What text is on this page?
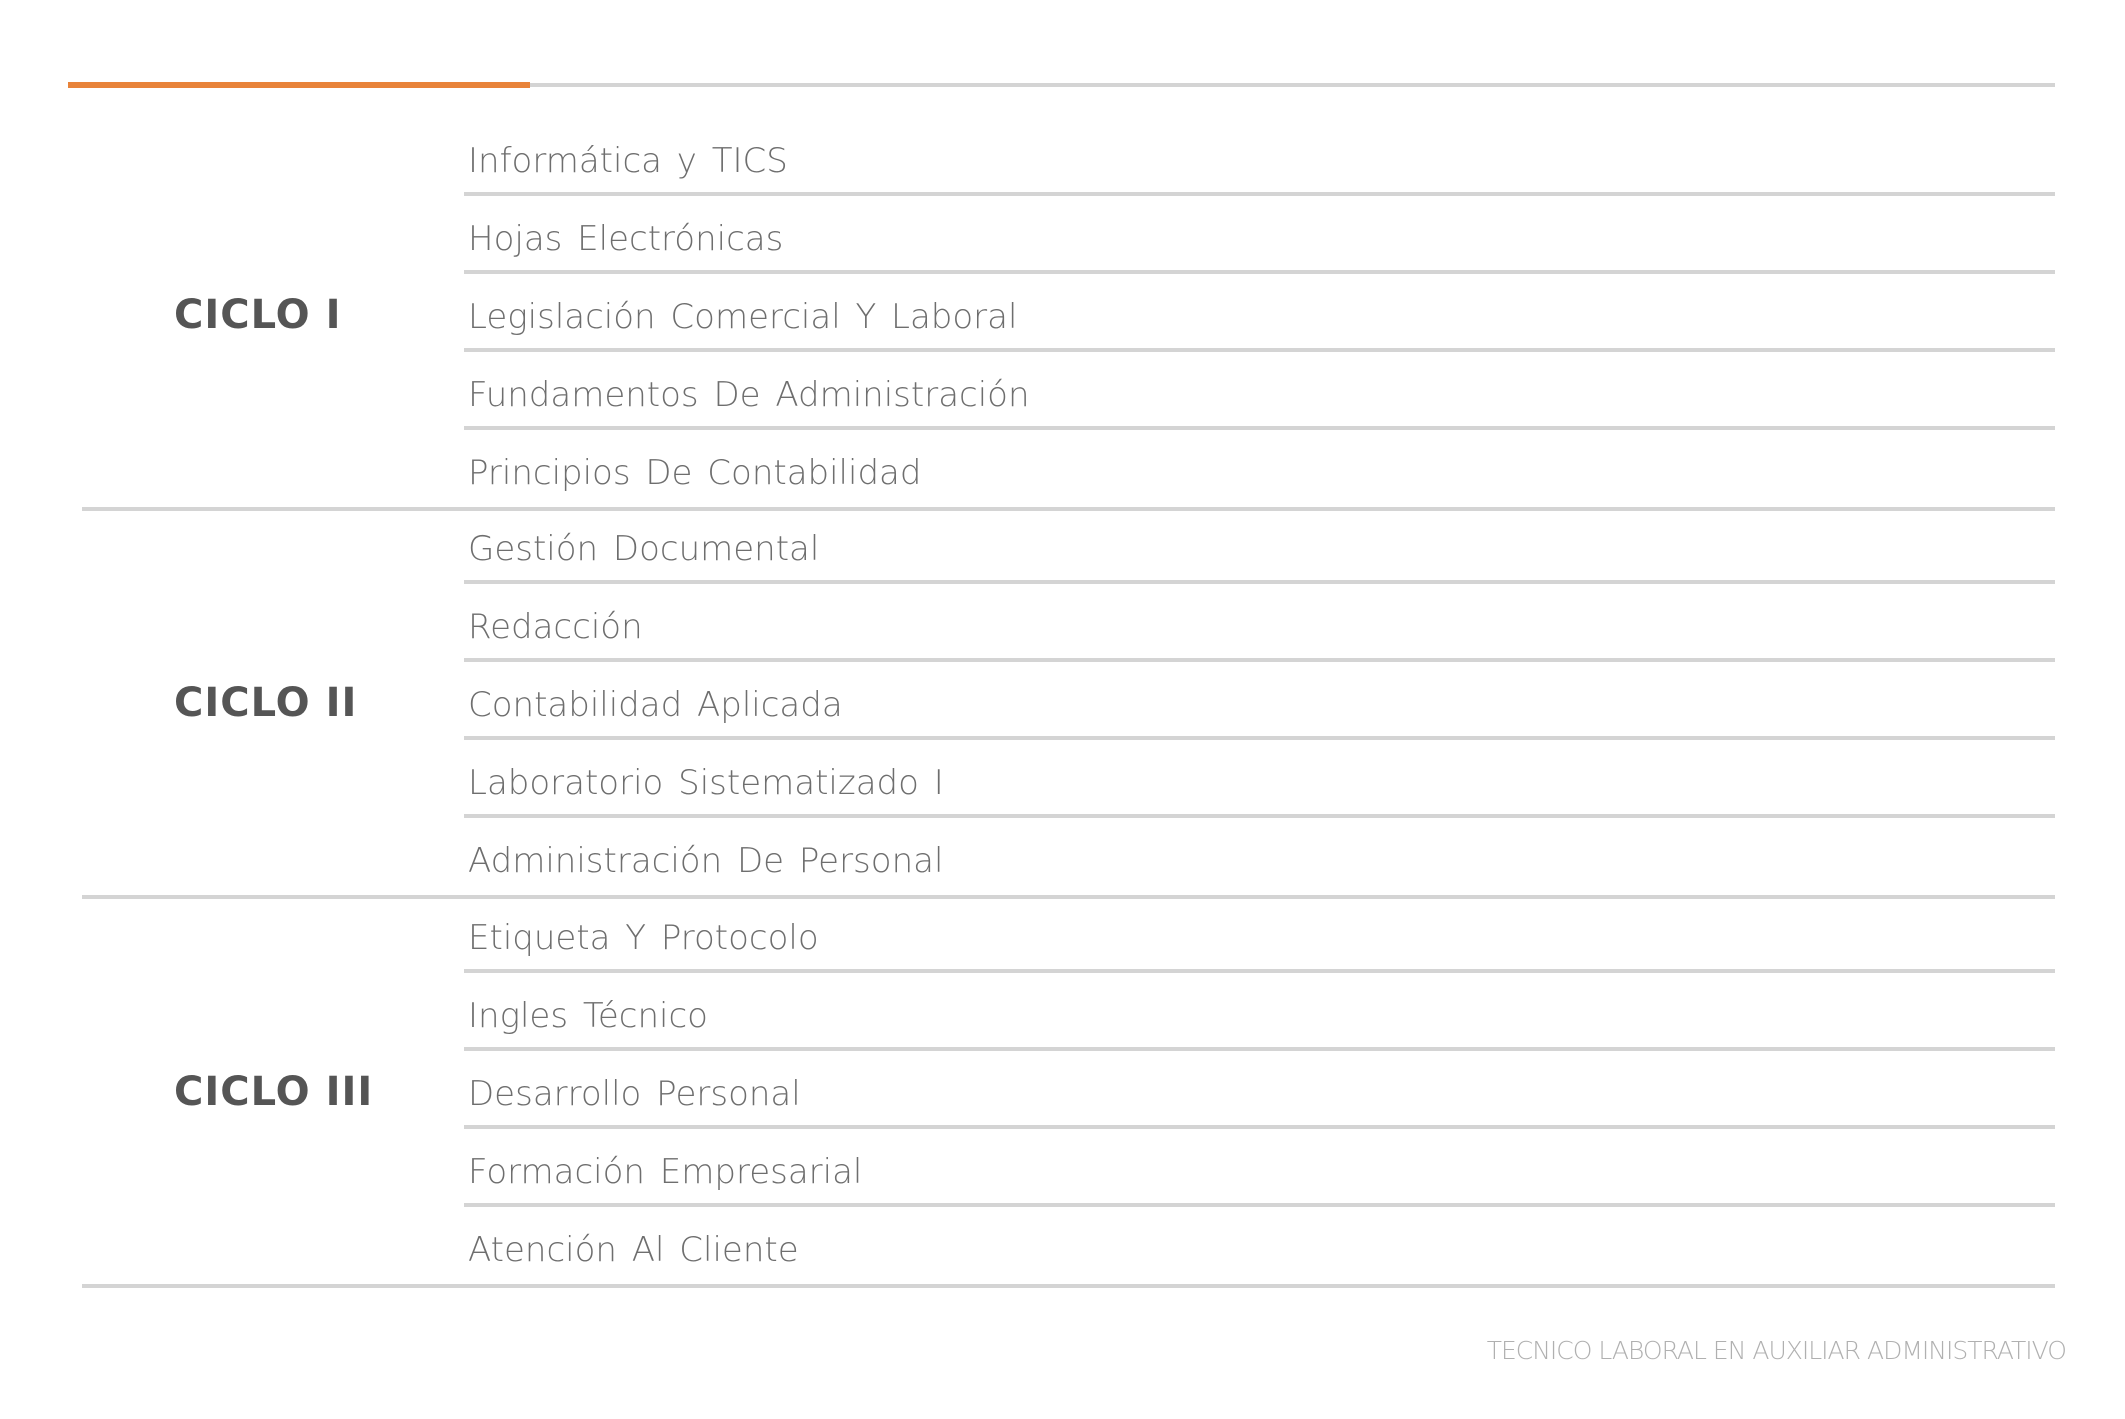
CICLO I
Informática y TICS
Hojas Electrónicas
Legislación Comercial Y Laboral
Fundamentos De Administración
Principios De Contabilidad
CICLO II
Gestión Documental
Redacción
Contabilidad Aplicada
Laboratorio Sistematizado I
Administración De Personal
CICLO III
Etiqueta Y Protocolo
Ingles Técnico
Desarrollo Personal
Formación Empresarial
Atención Al Cliente
TECNICO LABORAL EN AUXILIAR ADMINISTRATIVO
